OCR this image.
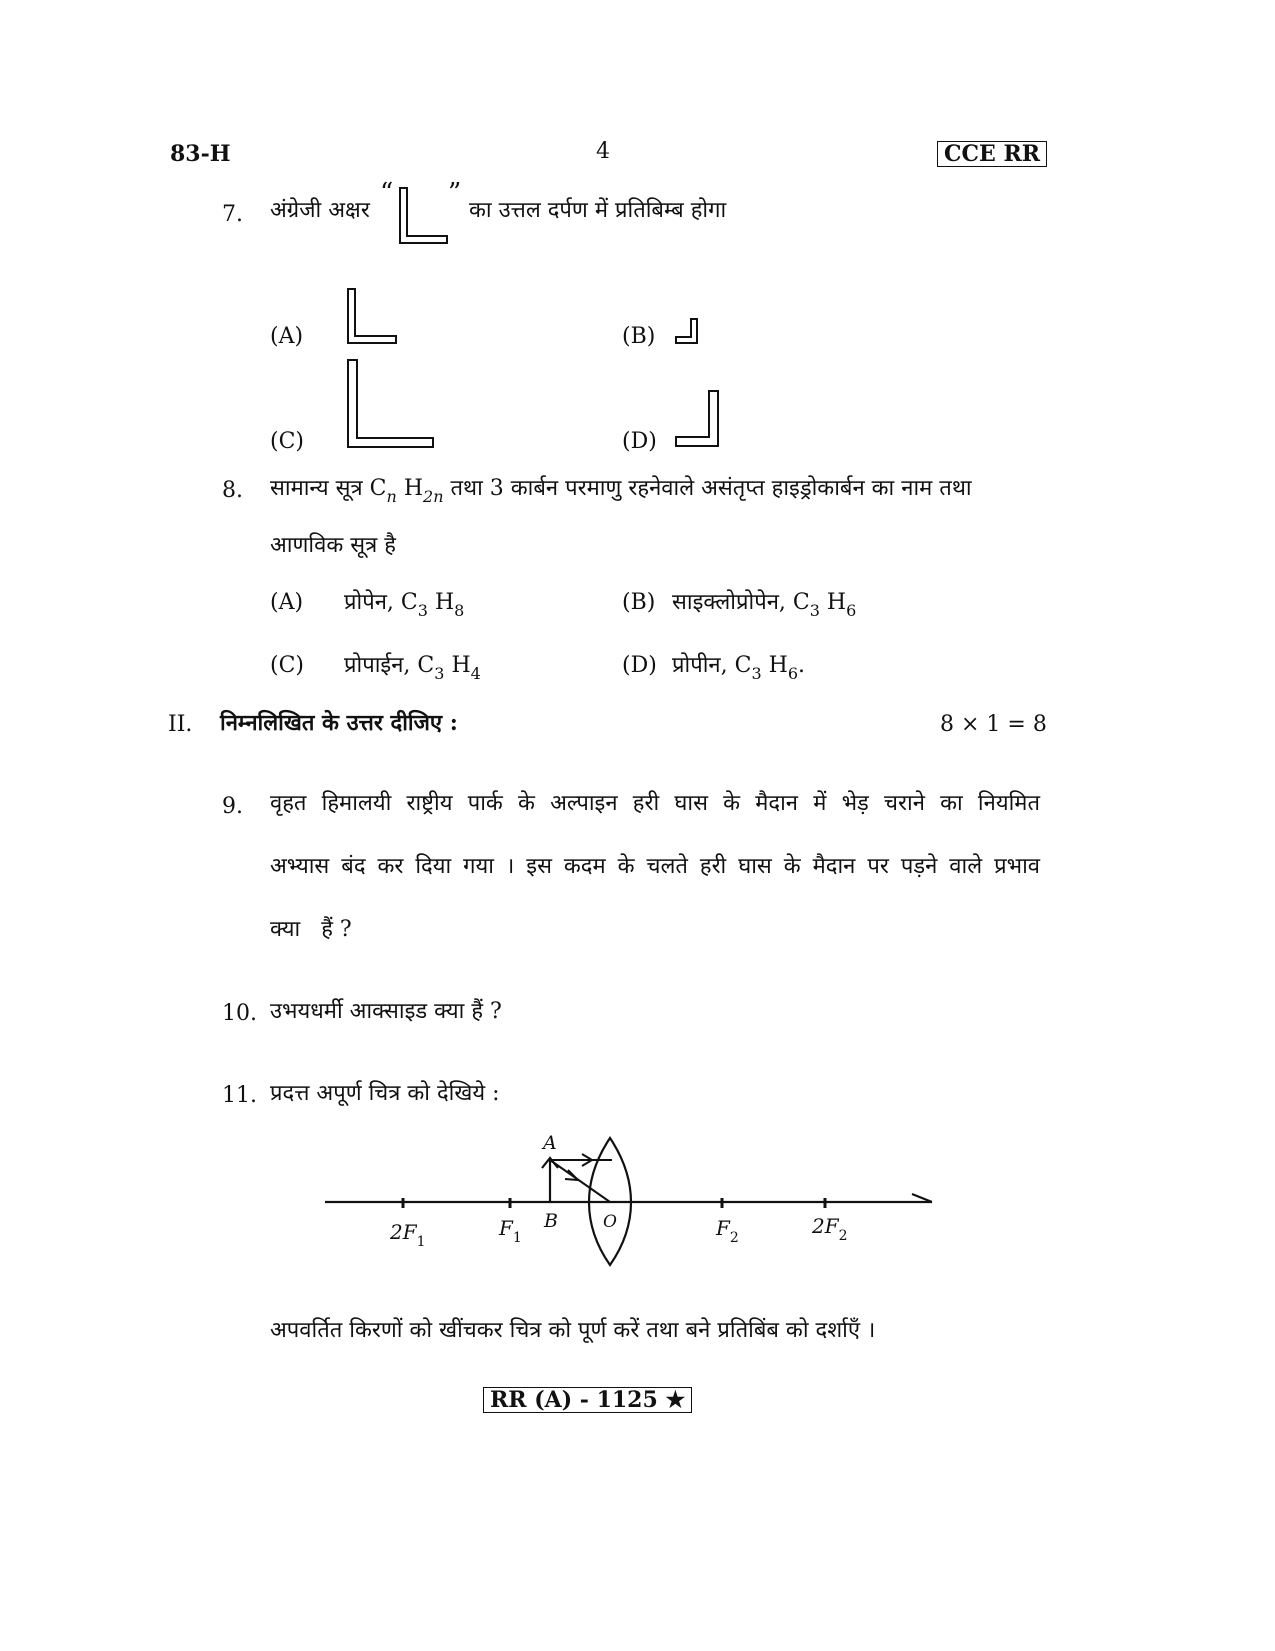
83-H	4	CCE RR
7. अंग्रेजी अक्षर
“ ”
का उत्तल दर्पण में प्रतिबिम्ब होगा
(A)	(B)
(C)	(D)
8. सामान्य सूत्र $C_n$ $H_{2n}$ तथा 3 कार्बन परमाणु रहनेवाले असंतृप्त हाइड्रोकार्बन का नाम तथा
आणविक सूत्र है
(A) प्रोपेन, $C_3$ $H_8$	(B) साइक्लोप्रोपेन, $C_3$ $H_6$
(C) प्रोपाईन, $C_3$ $H_4$	(D) प्रोपीन, $C_3$ $H_6$.
II. निम्नलिखित के उत्तर दीजिए :	8 × 1 = 8
9. वृहत हिमालयी राष्ट्रीय पार्क के अल्पाइन हरी घास के मैदान में भेड़ चराने का नियमित
अभ्यास बंद कर दिया गया । इस कदम के चलते हरी घास के मैदान पर पड़ने वाले प्रभाव
क्या   हैं ?
10. उभयधर्मी आक्साइड क्या हैं ?
11. प्रदत्त अपूर्ण चित्र को देखिये :
A
B	O
$2F_1$
$F_1$	$F_2$	$2F_2$
अपवर्तित किरणों को खींचकर चित्र को पूर्ण करें तथा बने प्रतिबिंब को दर्शाएँ ।
RR (A) - 1125 ★
